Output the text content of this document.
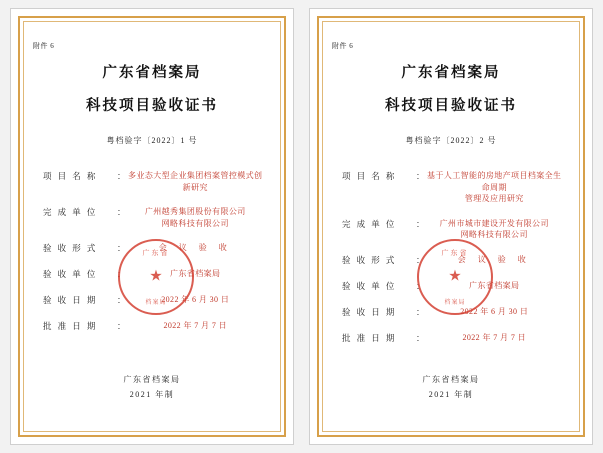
附件 6
广东省档案局
科技项目验收证书
粤档验字〔2022〕1 号
项 目 名 称	： 多业态大型企业集团档案管控模式创新研究
完 成 单 位	：	广州越秀集团股份有限公司
网略科技有限公司
验 收 形 式	：	会 议 验 收
验 收 单 位	：	广东省档案局
验 收 日 期	：	2022 年 6 月 30 日
批 准 日 期	：	2022 年 7 月 7 日
广东省
★
档案局
广东省档案局
2021 年制
附件 6
广东省档案局
科技项目验收证书
粤档验字〔2022〕2 号
项 目 名 称	： 基于人工智能的房地产项目档案全生命周期
管理及应用研究
完 成 单 位	：	广州市城市建设开发有限公司
网略科技有限公司
验 收 形 式	：	会 议 验 收
验 收 单 位	：	广东省档案局
验 收 日 期	：	2022 年 6 月 30 日
批 准 日 期	：	2022 年 7 月 7 日
广东省
★
档案局
广东省档案局
2021 年制
